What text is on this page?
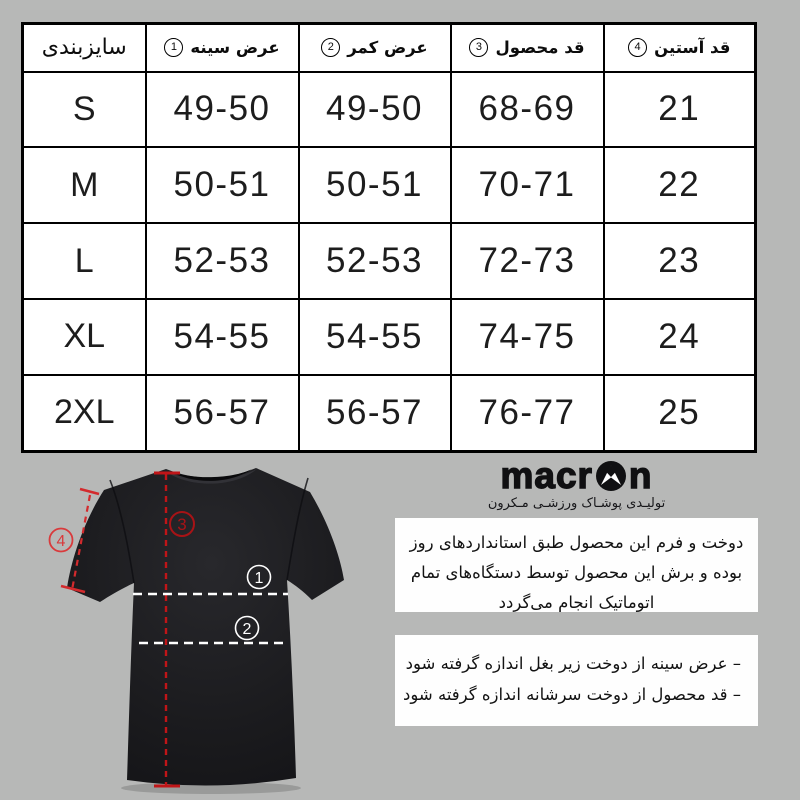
سایزبندی	1 عرض سینه	2 عرض کمر	3 قد محصول	4 قد آستین

S	49-50	49-50	68-69	21
M	50-51	50-51	70-71	22
L	52-53	52-53	72-73	23
XL	54-55	54-55	74-75	24
2XL	56-57	56-57	76-77	25
3
4
1
2
macr n
تولیـدی پوشـاک ورزشـی مـکرون
دوخت و فرم این محصول طبق استانداردهای روز
بوده و برش این محصول توسط دستگاه‌های تمام
اتوماتیک انجام می‌گردد
– عرض سینه از دوخت زیر بغل اندازه گرفته شود
– قد محصول از دوخت سرشانه اندازه گرفته شود
